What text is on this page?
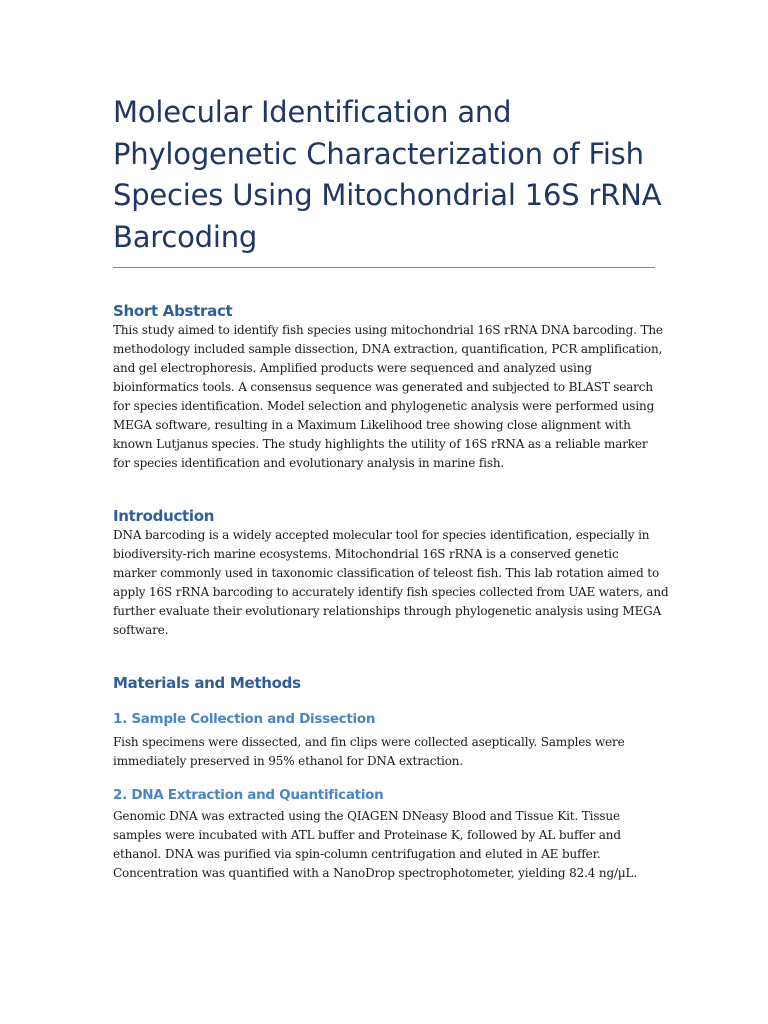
Molecular Identification and
Phylogenetic Characterization of Fish
Species Using Mitochondrial 16S rRNA
Barcoding
Short Abstract

This study aimed to identify fish species using mitochondrial 16S rRNA DNA barcoding. The
methodology included sample dissection, DNA extraction, quantification, PCR amplification,
and gel electrophoresis. Amplified products were sequenced and analyzed using
bioinformatics tools. A consensus sequence was generated and subjected to BLAST search
for species identification. Model selection and phylogenetic analysis were performed using
MEGA software, resulting in a Maximum Likelihood tree showing close alignment with
known Lutjanus species. The study highlights the utility of 16S rRNA as a reliable marker
for species identification and evolutionary analysis in marine fish.

Introduction

DNA barcoding is a widely accepted molecular tool for species identification, especially in
biodiversity-rich marine ecosystems. Mitochondrial 16S rRNA is a conserved genetic
marker commonly used in taxonomic classification of teleost fish. This lab rotation aimed to
apply 16S rRNA barcoding to accurately identify fish species collected from UAE waters, and
further evaluate their evolutionary relationships through phylogenetic analysis using MEGA
software.

Materials and Methods
1. Sample Collection and Dissection

Fish specimens were dissected, and fin clips were collected aseptically. Samples were
immediately preserved in 95% ethanol for DNA extraction.

2. DNA Extraction and Quantification

Genomic DNA was extracted using the QIAGEN DNeasy Blood and Tissue Kit. Tissue
samples were incubated with ATL buffer and Proteinase K, followed by AL buffer and
ethanol. DNA was purified via spin-column centrifugation and eluted in AE buffer.
Concentration was quantified with a NanoDrop spectrophotometer, yielding 82.4 ng/µL.
